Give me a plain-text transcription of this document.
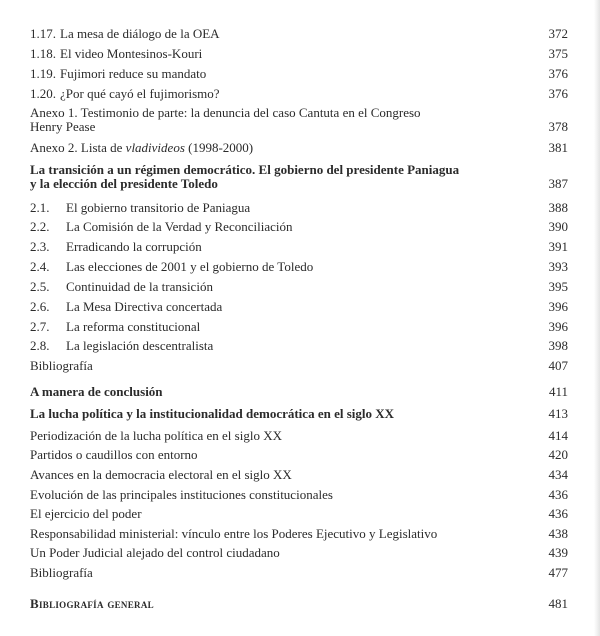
1.17. La mesa de diálogo de la OEA	372
1.18. El video Montesinos-Kouri	375
1.19. Fujimori reduce su mandato	376
1.20. ¿Por qué cayó el fujimorismo?	376
Anexo 1. Testimonio de parte: la denuncia del caso Cantuta en el Congreso
Henry Pease	378
Anexo 2. Lista de vladivideos (1998-2000)	381
La transición a un régimen democrático. El gobierno del presidente Paniagua
y la elección del presidente Toledo	387
2.1. El gobierno transitorio de Paniagua	388
2.2. La Comisión de la Verdad y Reconciliación	390
2.3. Erradicando la corrupción	391
2.4. Las elecciones de 2001 y el gobierno de Toledo	393
2.5. Continuidad de la transición	395
2.6. La Mesa Directiva concertada	396
2.7. La reforma constitucional	396
2.8. La legislación descentralista	398
Bibliografía	407
A manera de conclusión	411
La lucha política y la institucionalidad democrática en el siglo XX	413
Periodización de la lucha política en el siglo XX	414
Partidos o caudillos con entorno	420
Avances en la democracia electoral en el siglo XX	434
Evolución de las principales instituciones constitucionales	436
El ejercicio del poder	436
Responsabilidad ministerial: vínculo entre los Poderes Ejecutivo y Legislativo	438
Un Poder Judicial alejado del control ciudadano	439
Bibliografía	477
Bibliografía general	481
